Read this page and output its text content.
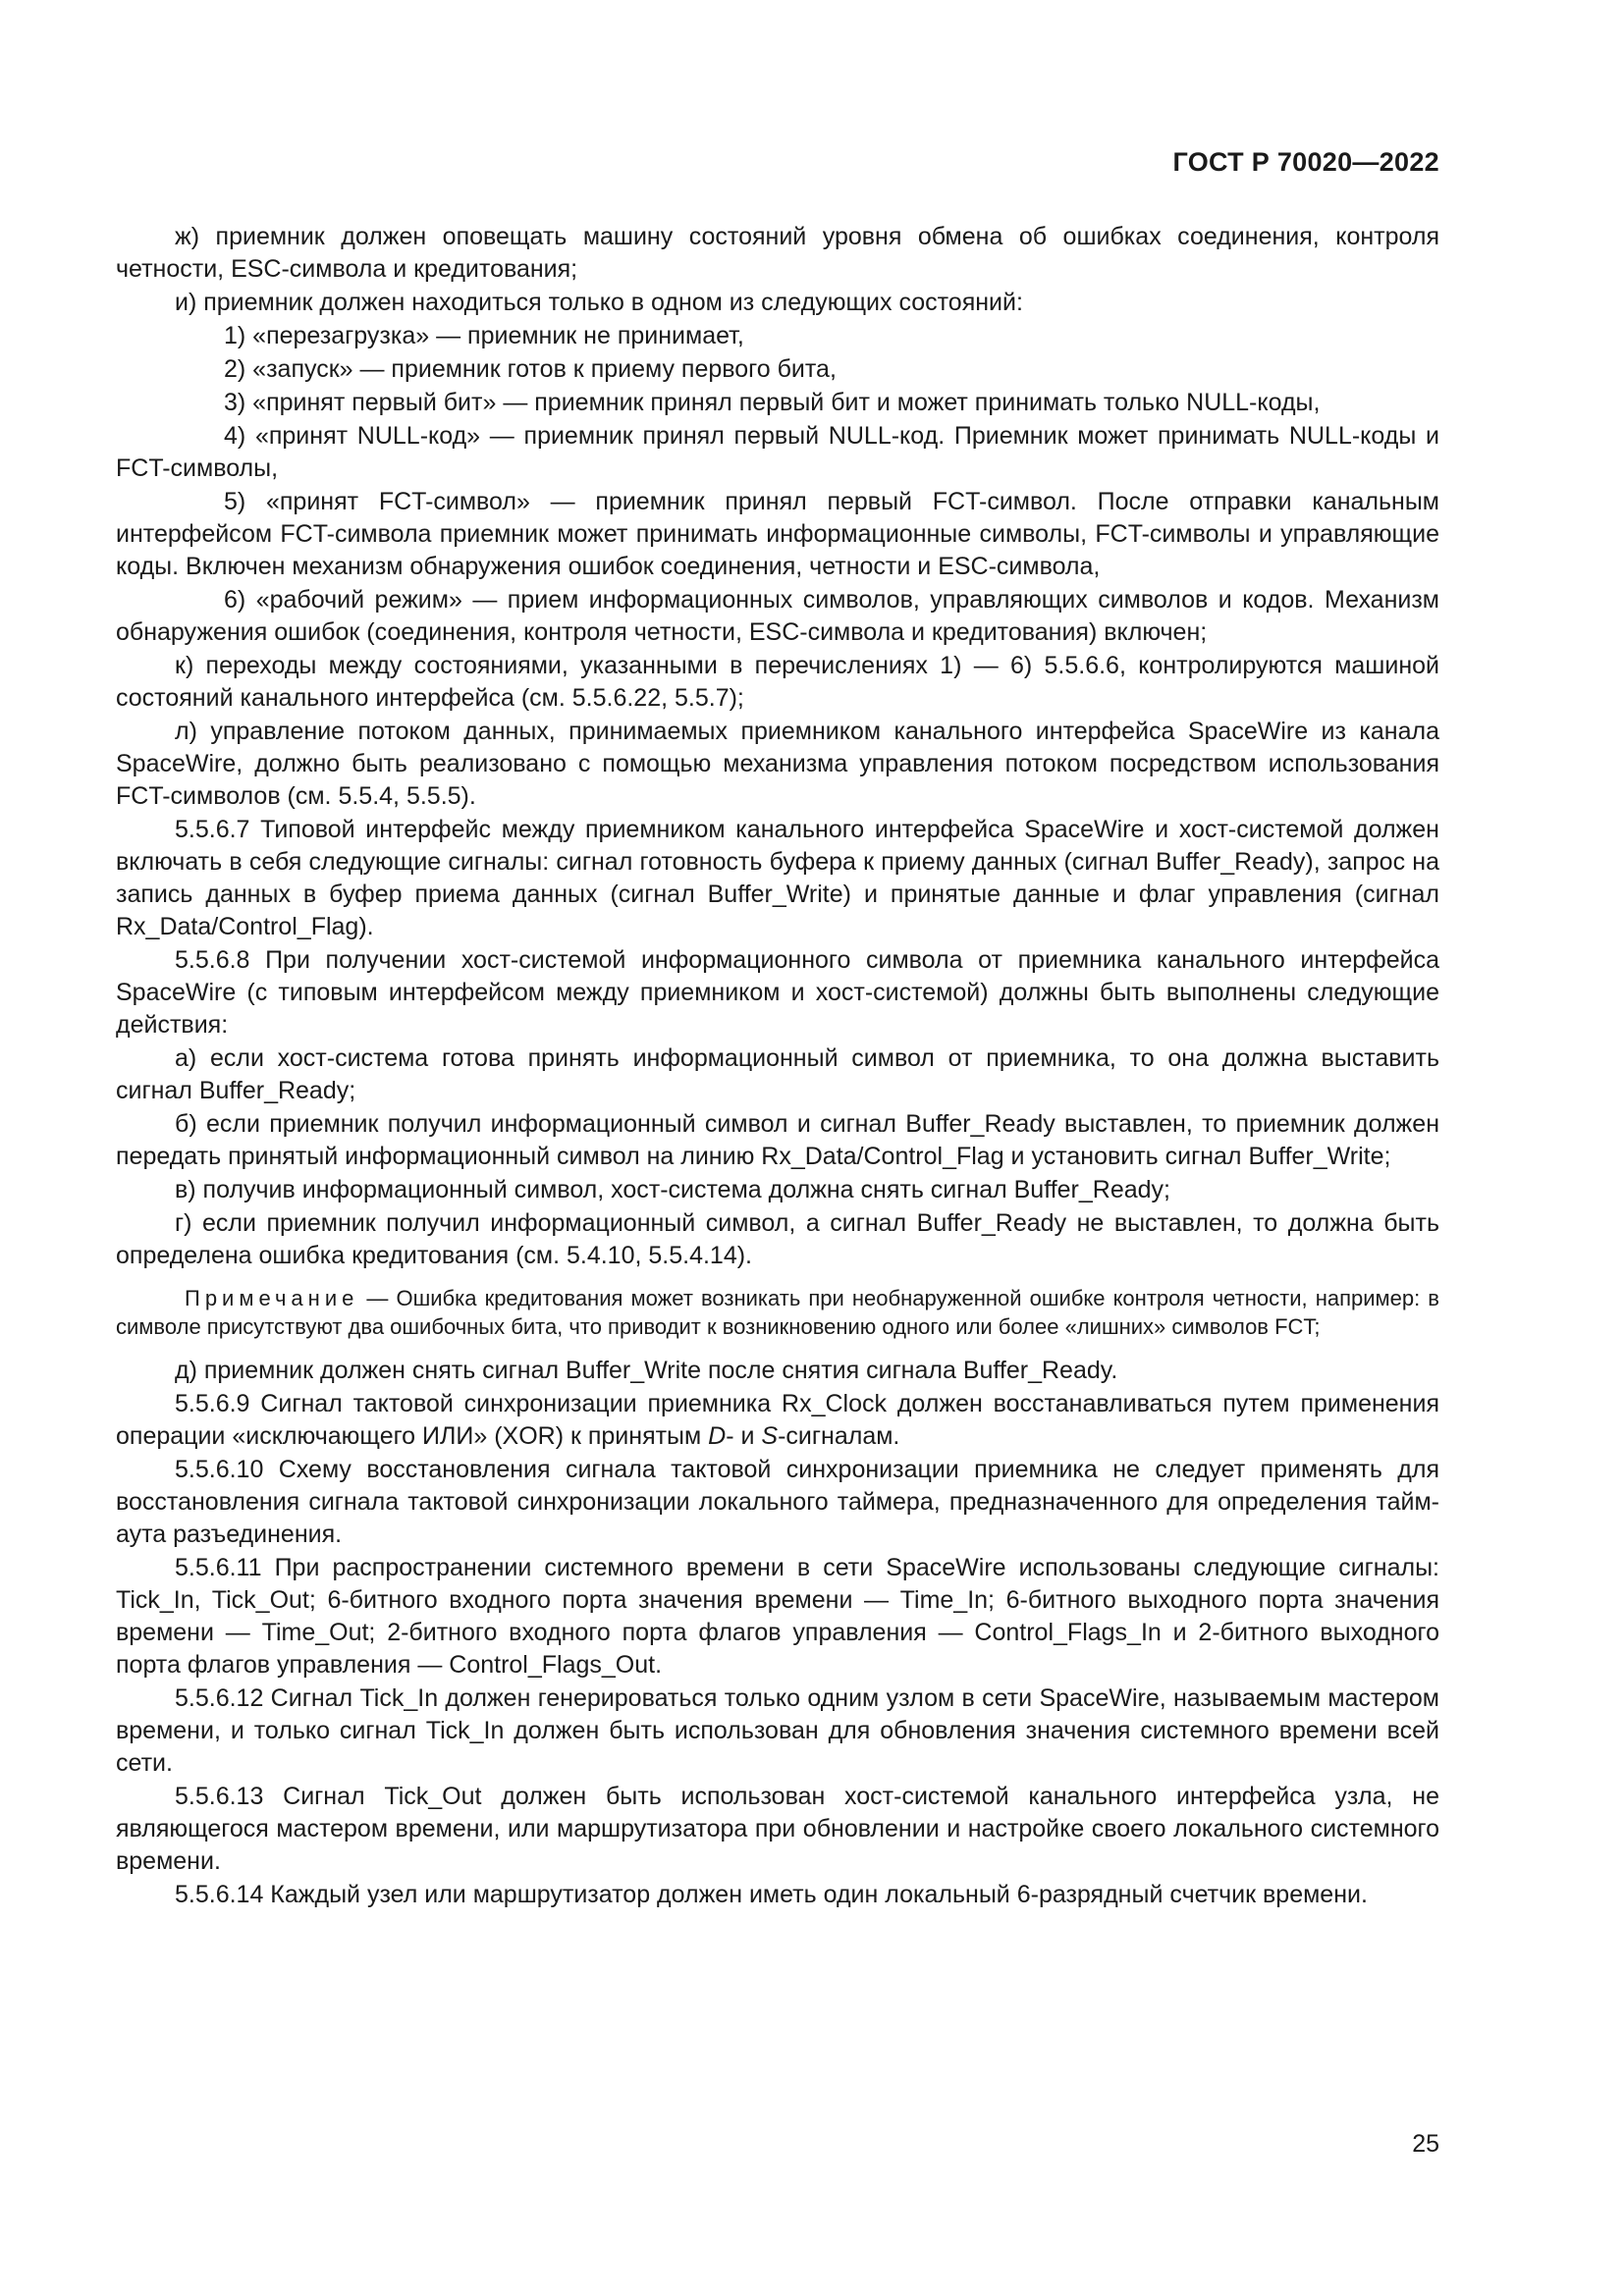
ГОСТ Р 70020—2022

ж) приемник должен оповещать машину состояний уровня обмена об ошибках соединения, контроля четности, ESC-символа и кредитования;

и) приемник должен находиться только в одном из следующих состояний:

1) «перезагрузка» — приемник не принимает,

2) «запуск» — приемник готов к приему первого бита,

3) «принят первый бит» — приемник принял первый бит и может принимать только NULL-коды,

4) «принят NULL-код» — приемник принял первый NULL-код. Приемник может принимать NULL-коды и FCT-символы,

5) «принят FCT-символ» — приемник принял первый FCT-символ. После отправки канальным интерфейсом FCT-символа приемник может принимать информационные символы, FCT-символы и управляющие коды. Включен механизм обнаружения ошибок соединения, четности и ESC-символа,

6) «рабочий режим» — прием информационных символов, управляющих символов и кодов. Механизм обнаружения ошибок (соединения, контроля четности, ESC-символа и кредитования) включен;

к) переходы между состояниями, указанными в перечислениях 1) — 6) 5.5.6.6, контролируются машиной состояний канального интерфейса (см. 5.5.6.22, 5.5.7);

л) управление потоком данных, принимаемых приемником канального интерфейса SpaceWire из канала SpaceWire, должно быть реализовано с помощью механизма управления потоком посредством использования FCT-символов (см. 5.5.4, 5.5.5).

5.5.6.7 Типовой интерфейс между приемником канального интерфейса SpaceWire и хост-системой должен включать в себя следующие сигналы: сигнал готовность буфера к приему данных (сигнал Buffer_Ready), запрос на запись данных в буфер приема данных (сигнал Buffer_Write) и принятые данные и флаг управления (сигнал Rx_Data/Control_Flag).

5.5.6.8 При получении хост-системой информационного символа от приемника канального интерфейса SpaceWire (с типовым интерфейсом между приемником и хост-системой) должны быть выполнены следующие действия:

а) если хост-система готова принять информационный символ от приемника, то она должна выставить сигнал Buffer_Ready;

б) если приемник получил информационный символ и сигнал Buffer_Ready выставлен, то приемник должен передать принятый информационный символ на линию Rx_Data/Control_Flag и установить сигнал Buffer_Write;

в) получив информационный символ, хост-система должна снять сигнал Buffer_Ready;

г) если приемник получил информационный символ, а сигнал Buffer_Ready не выставлен, то должна быть определена ошибка кредитования (см. 5.4.10, 5.5.4.14).

Примечание — Ошибка кредитования может возникать при необнаруженной ошибке контроля четности, например: в символе присутствуют два ошибочных бита, что приводит к возникновению одного или более «лишних» символов FCT;

д) приемник должен снять сигнал Buffer_Write после снятия сигнала Buffer_Ready.

5.5.6.9 Сигнал тактовой синхронизации приемника Rx_Clock должен восстанавливаться путем применения операции «исключающего ИЛИ» (XOR) к принятым D- и S-сигналам.

5.5.6.10 Схему восстановления сигнала тактовой синхронизации приемника не следует применять для восстановления сигнала тактовой синхронизации локального таймера, предназначенного для определения тайм-аута разъединения.

5.5.6.11 При распространении системного времени в сети SpaceWire использованы следующие сигналы: Tick_In, Tick_Out; 6-битного входного порта значения времени — Time_In; 6-битного выходного порта значения времени — Time_Out; 2-битного входного порта флагов управления — Control_Flags_In и 2-битного выходного порта флагов управления — Control_Flags_Out.

5.5.6.12 Сигнал Tick_In должен генерироваться только одним узлом в сети SpaceWire, называемым мастером времени, и только сигнал Tick_In должен быть использован для обновления значения системного времени всей сети.

5.5.6.13 Сигнал Tick_Out должен быть использован хост-системой канального интерфейса узла, не являющегося мастером времени, или маршрутизатора при обновлении и настройке своего локального системного времени.

5.5.6.14 Каждый узел или маршрутизатор должен иметь один локальный 6-разрядный счетчик времени.

25
